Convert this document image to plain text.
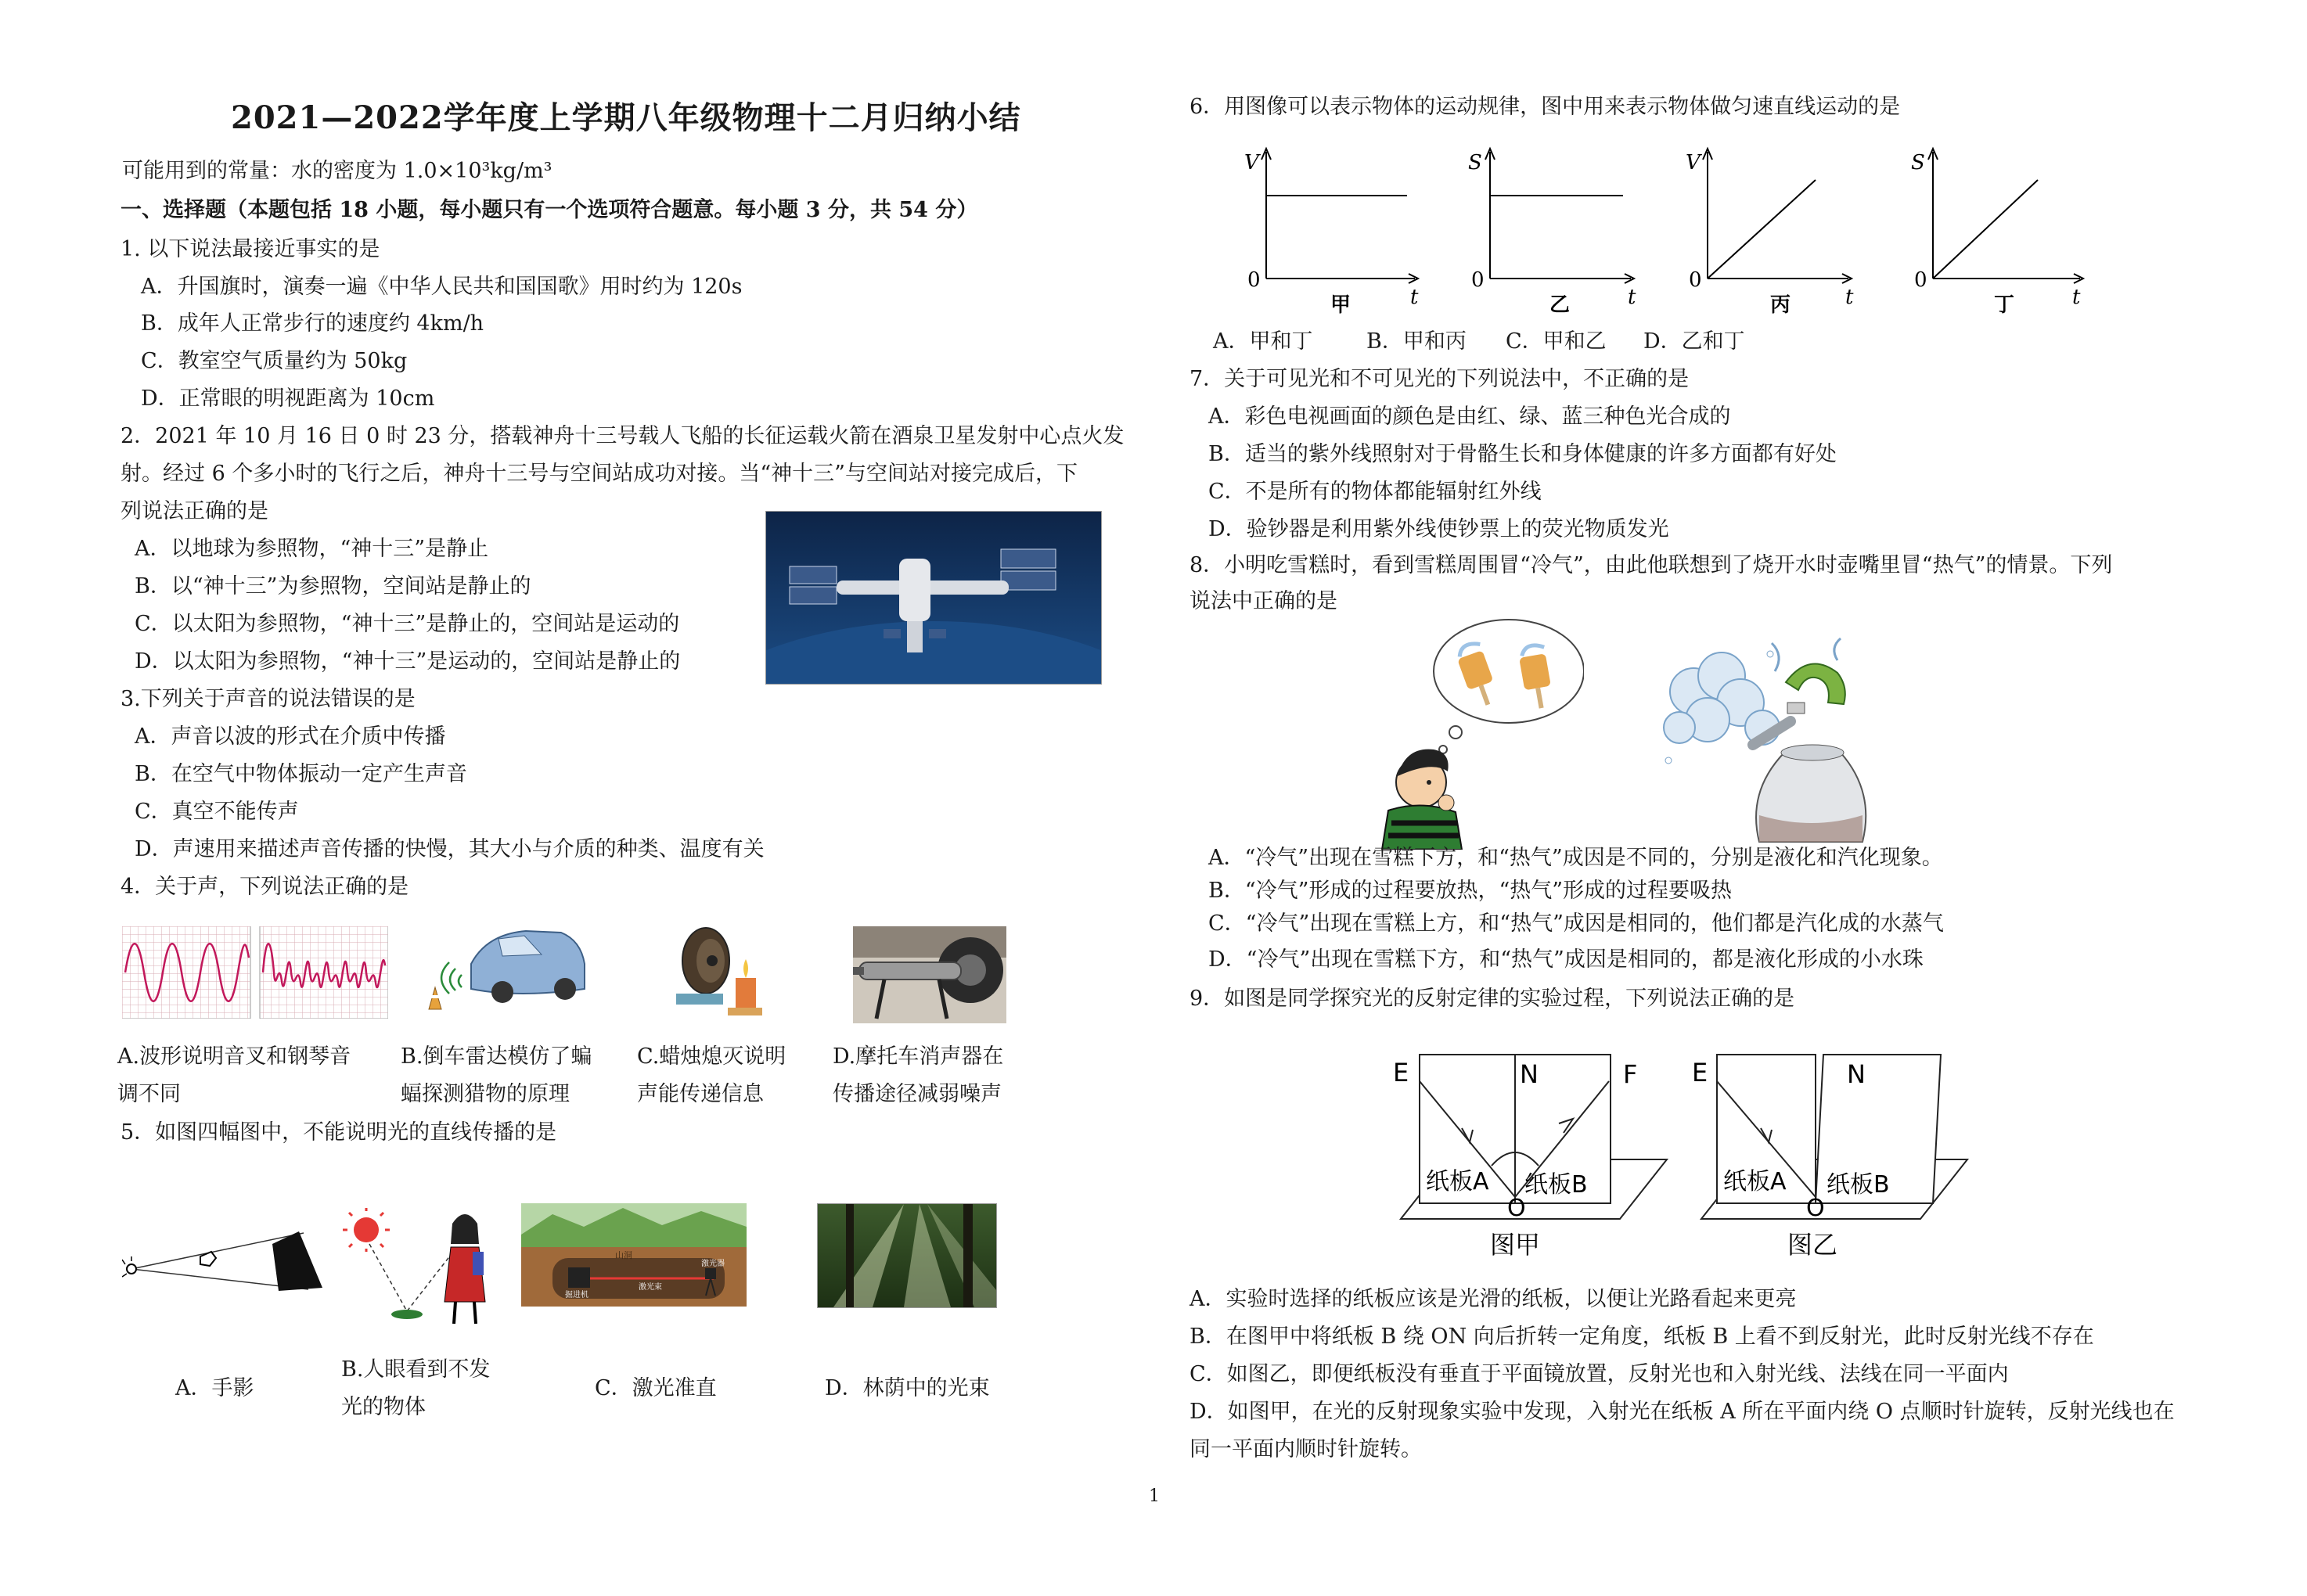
2021—2022学年度上学期八年级物理十二月归纳小结
可能用到的常量：水的密度为 1.0×10³kg/m³
一、选择题（本题包括 18 小题，每小题只有一个选项符合题意。每小题 3 分，共 54 分）
1. 以下说法最接近事实的是
A．升国旗时，演奏一遍《中华人民共和国国歌》用时约为 120s
B．成年人正常步行的速度约 4km/h
C．教室空气质量约为 50kg
D．正常眼的明视距离为 10cm
2．2021 年 10 月 16 日 0 时 23 分，搭载神舟十三号载人飞船的长征运载火箭在酒泉卫星发射中心点火发
射。经过 6 个多小时的飞行之后，神舟十三号与空间站成功对接。当“神十三”与空间站对接完成后，下
列说法正确的是
A．以地球为参照物，“神十三”是静止
B．以“神十三”为参照物，空间站是静止的
C．以太阳为参照物，“神十三”是静止的，空间站是运动的
D．以太阳为参照物，“神十三”是运动的，空间站是静止的
3.下列关于声音的说法错误的是
A．声音以波的形式在介质中传播
B．在空气中物体振动一定产生声音
C．真空不能传声
D．声速用来描述声音传播的快慢，其大小与介质的种类、温度有关
4．关于声，下列说法正确的是
A.波形说明音叉和钢琴音
调不同
B.倒车雷达模仿了蝙
蝠探测猎物的原理
C.蜡烛熄灭说明
声能传递信息
D.摩托车消声器在
传播途径减弱噪声
5．如图四幅图中，不能说明光的直线传播的是
山洞
激光器
激光束
掘进机
A．手影
B.人眼看到不发
光的物体
C．激光准直	D．林荫中的光束
6．用图像可以表示物体的运动规律，图中用来表示物体做匀速直线运动的是
V
0
t
甲
S
0
t
乙
V
0
t
丙
S
0
t
丁
A．甲和丁	B．甲和丙 C．甲和乙 D．乙和丁
7．关于可见光和不可见光的下列说法中，不正确的是
A．彩色电视画面的颜色是由红、绿、蓝三种色光合成的
B．适当的紫外线照射对于骨骼生长和身体健康的许多方面都有好处
C．不是所有的物体都能辐射红外线
D．验钞器是利用紫外线使钞票上的荧光物质发光
8．小明吃雪糕时，看到雪糕周围冒“冷气”，由此他联想到了烧开水时壶嘴里冒“热气”的情景。下列
说法中正确的是
A．“冷气”出现在雪糕下方，和“热气”成因是不同的，分别是液化和汽化现象。
B．“冷气”形成的过程要放热，“热气”形成的过程要吸热
C．“冷气”出现在雪糕上方，和“热气”成因是相同的，他们都是汽化成的水蒸气
D．“冷气”出现在雪糕下方，和“热气”成因是相同的，都是液化形成的小水珠
9．如图是同学探究光的反射定律的实验过程，下列说法正确的是
E	N	F
纸板A 纸板B
O
图甲
E	N
纸板A 纸板B
O
图乙
A．实验时选择的纸板应该是光滑的纸板，以便让光路看起来更亮
B．在图甲中将纸板 B 绕 ON 向后折转一定角度，纸板 B 上看不到反射光，此时反射光线不存在
C．如图乙，即便纸板没有垂直于平面镜放置，反射光也和入射光线、法线在同一平面内
D．如图甲，在光的反射现象实验中发现，入射光在纸板 A 所在平面内绕 O 点顺时针旋转，反射光线也在
同一平面内顺时针旋转。
1
